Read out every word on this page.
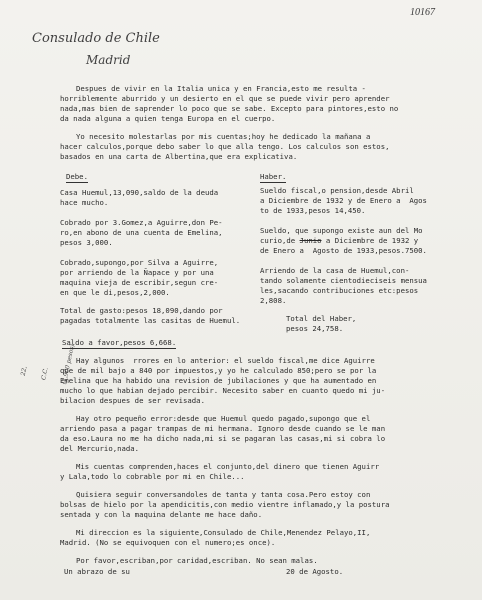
10167
Consulado de Chile
Madrid
Despues de vivir en la Italia unica y en Francia,esto me resulta -
horriblemente aburrido y un desierto en el que se puede vivir pero aprender
nada,mas bien de saprender lo poco que se sabe. Excepto para pintores,esto no
da nada alguna a quien tenga Europa en el cuerpo.
Yo necesito molestarlas por mis cuentas;hoy he dedicado la mañana a
hacer calculos,porque debo saber lo que alla tengo. Los calculos son estos,
basados en una carta de Albertina,que era explicativa.
Debe.
Casa Huemul,13,090,saldo de la deuda
hace mucho.
Cobrado por 3.Gomez,a Aguirre,don Pe-
ro,en abono de una cuenta de Emelina,
pesos 3,000.
Cobrado,supongo,por Silva a Aguirre,
por arriendo de la Ñapace y por una
maquina vieja de escribir,segun cre-
en que le di,pesos,2,000.
Total de gasto:pesos 18,090,dando por
pagadas totalmente las casitas de Huemul.
Haber.
Sueldo fiscal,o pension,desde Abril
a Diciembre de 1932 y de Enero a  Agos
to de 1933,pesos 14,450.
Sueldo, que supongo existe aun del Mo
curio,de Junio a Diciembre de 1932 y
de Enero a  Agosto de 1933,pesos.7500.
Arriendo de la casa de Huemul,con-
tando solamente cientodieciseis mensua
les,sacando contribuciones etc:pesos
2,808.
Total del Haber,
pesos 24,758.

22,

	C.C.

	(1,900 pesos)

Saldo a favor,pesos 6,668.
Hay algunos  rrores en lo anterior: el sueldo fiscal,me dice Aguirre
que de mil bajo a 840 por impuestos,y yo he calculado 850;pero se por la
Emelina que ha habido una revision de jubilaciones y que ha aumentado en
mucho lo que habian dejado percibir. Necesito saber en cuanto quedo mi ju-
bilacion despues de ser revisada.
Hay otro pequeño error:desde que Huemul quedo pagado,supongo que el
arriendo pasa a pagar trampas de mi hermana. Ignoro desde cuando se le man
da eso.Laura no me ha dicho nada,mi si se pagaran las casas,mi si cobra lo
del Mercurio,nada.
Mis cuentas comprenden,haces el conjunto,del dinero que tienen Aguirr
y Lala,todo lo cobrable por mi en Chile...
Quisiera seguir conversandoles de tanta y tanta cosa.Pero estoy con
bolsas de hielo por la apendicitis,con medio vientre inflamado,y la postura
sentada y con la maquina delante me hace daño.
Mi direccion es la siguiente,Consulado de Chile,Menendez Pelayo,II,
Madrid. (No se equivoquen con el numero;es once).
Por favor,escriban,por caridad,escriban. No sean malas.
Un abrazo de su	20 de Agosto.
